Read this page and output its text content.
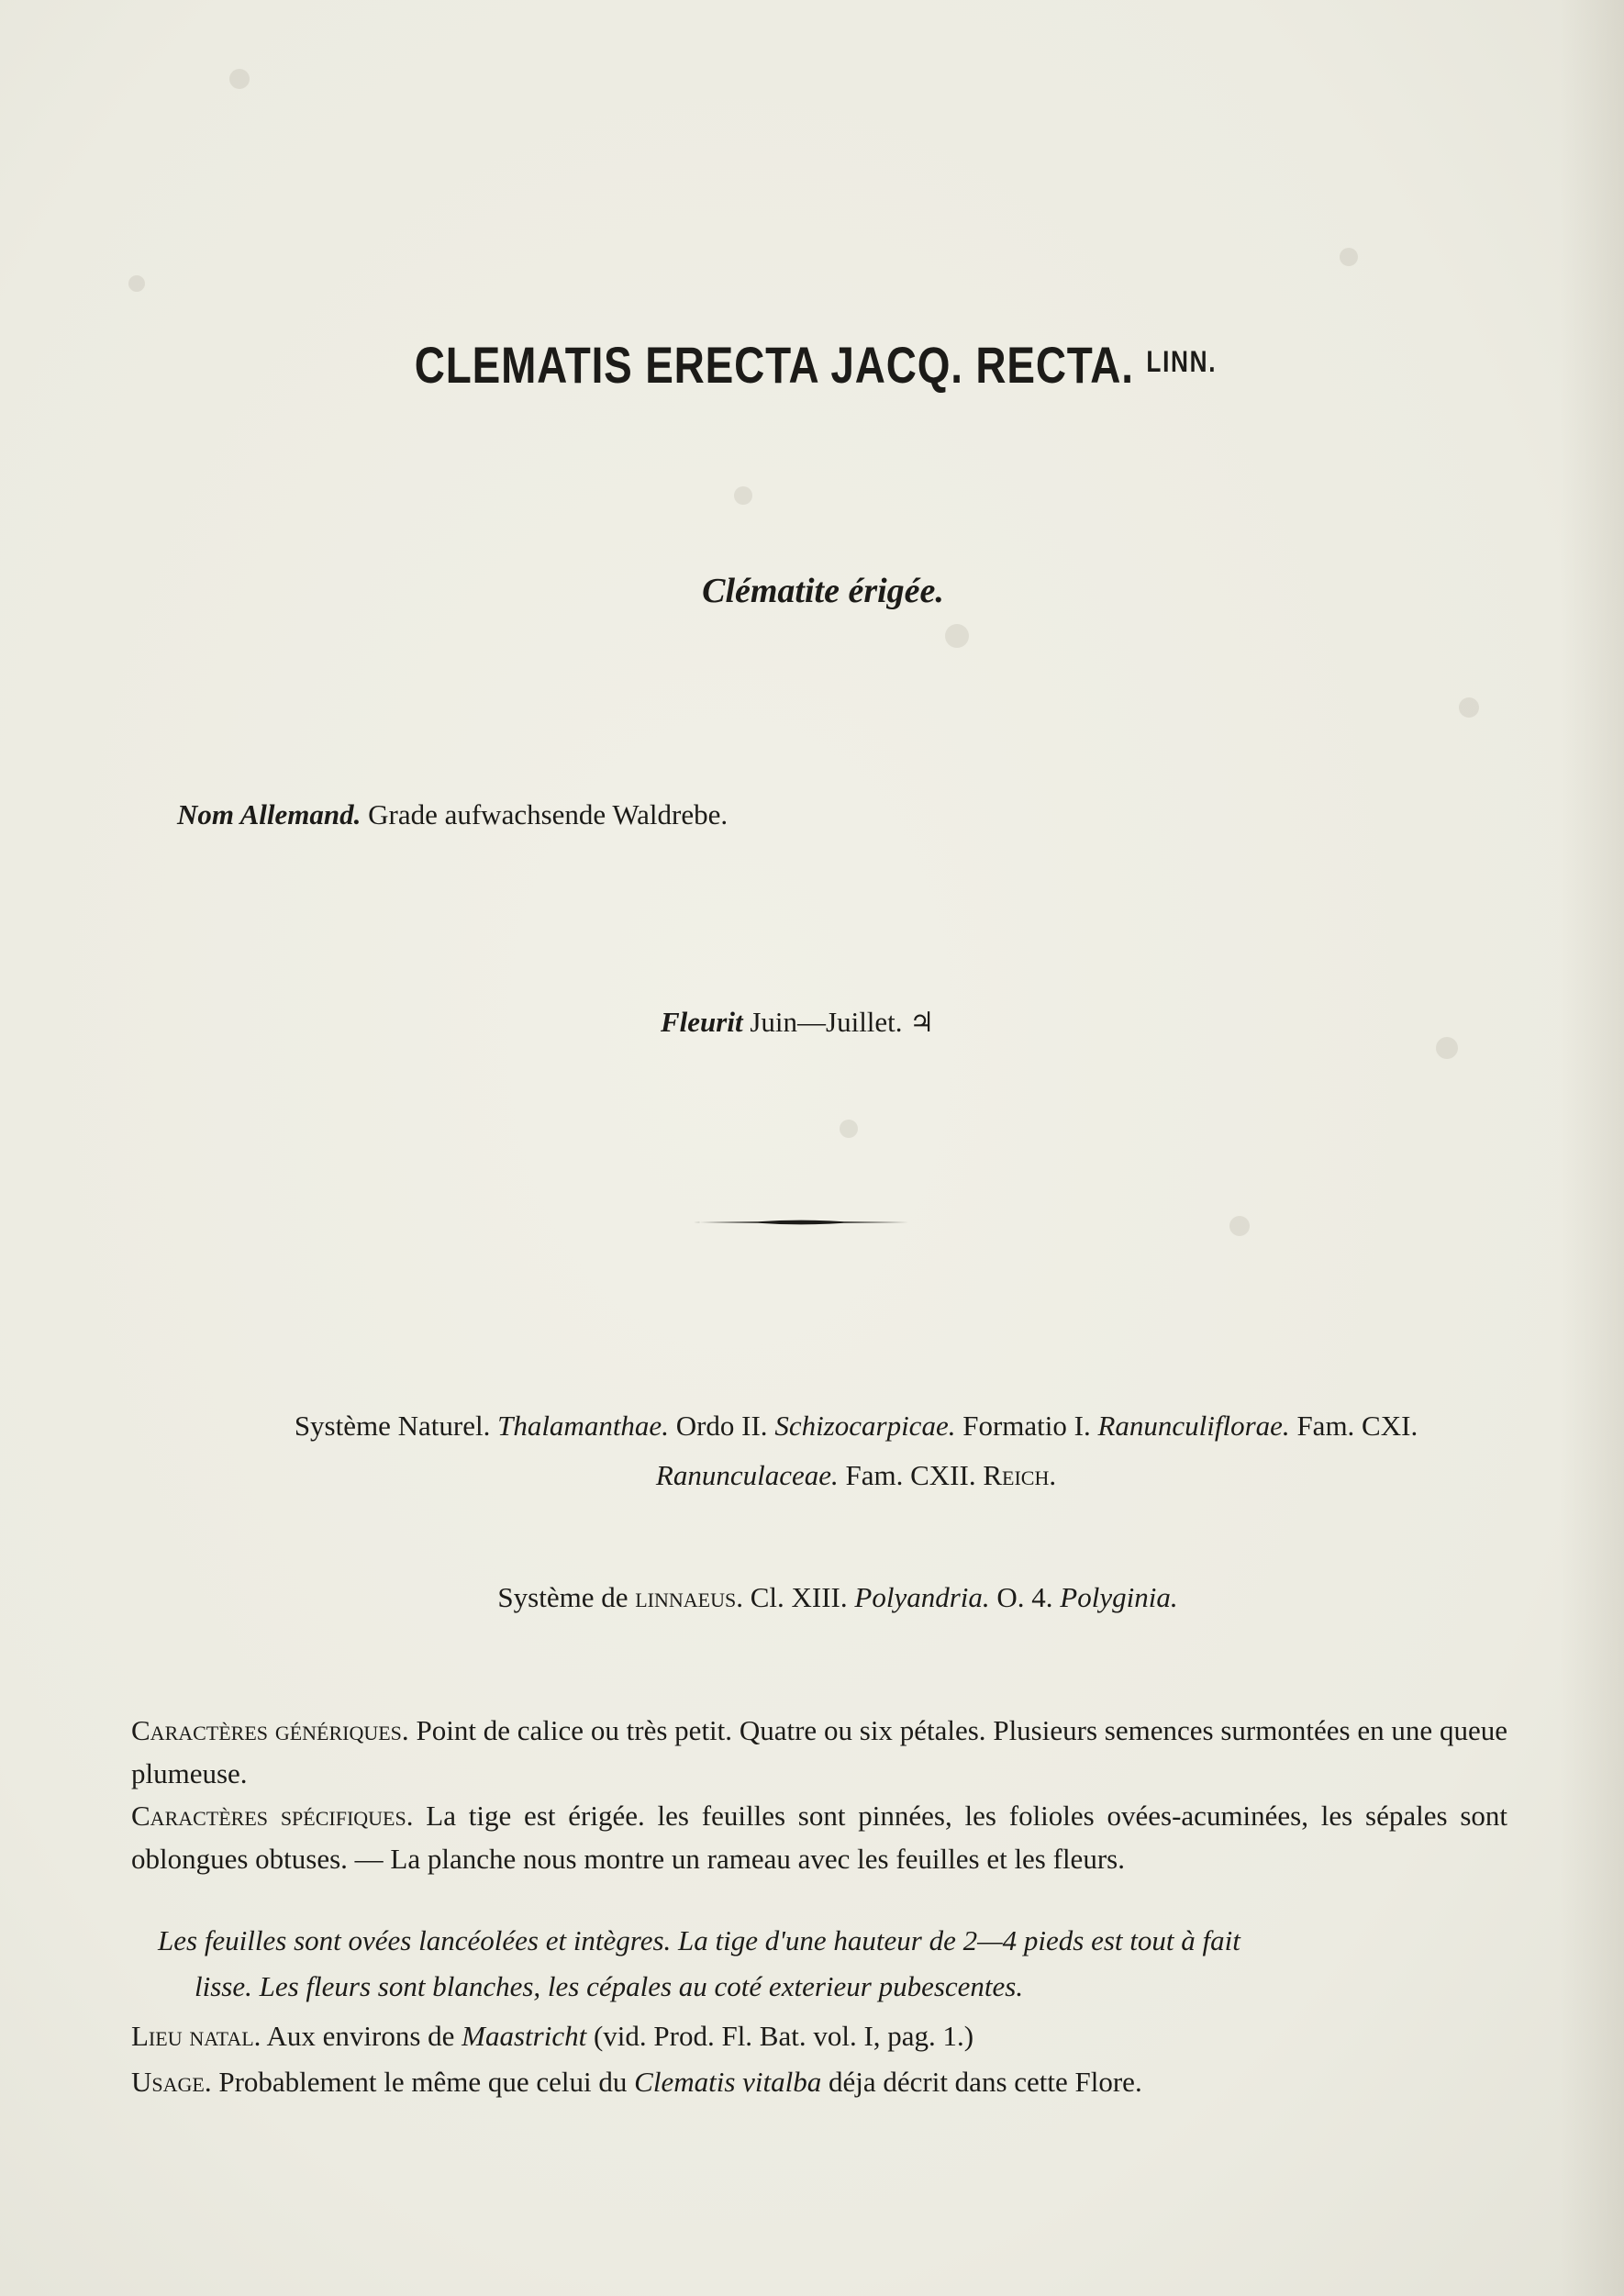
CLEMATIS ERECTA JACQ. RECTA. $^{LINN.}$
Clématite érigée.
Nom Allemand. Grade aufwachsende Waldrebe.
Fleurit Juin—Juillet. ♃
Système Naturel. Thalamanthae. Ordo II. Schizocarpicae. Formatio I. Ranunculiflorae. Fam. CXI.
Ranunculaceae. Fam. CXII. Reich.
Système de linnaeus. Cl. XIII. Polyandria. O. 4. Polyginia.
Caractères génériques. Point de calice ou très petit. Quatre ou six pétales. Plusieurs semences surmontées en une queue plumeuse.
Caractères spécifiques. La tige est érigée. les feuilles sont pinnées, les folioles ovées-acuminées, les sépales sont oblongues obtuses. — La planche nous montre un rameau avec les feuilles et les fleurs.
Les feuilles sont ovées lancéolées et intègres. La tige d'une hauteur de 2—4 pieds est tout à fait
lisse. Les fleurs sont blanches, les cépales au coté exterieur pubescentes.
Lieu natal. Aux environs de Maastricht (vid. Prod. Fl. Bat. vol. I, pag. 1.)
Usage. Probablement le même que celui du Clematis vitalba déja décrit dans cette Flore.
